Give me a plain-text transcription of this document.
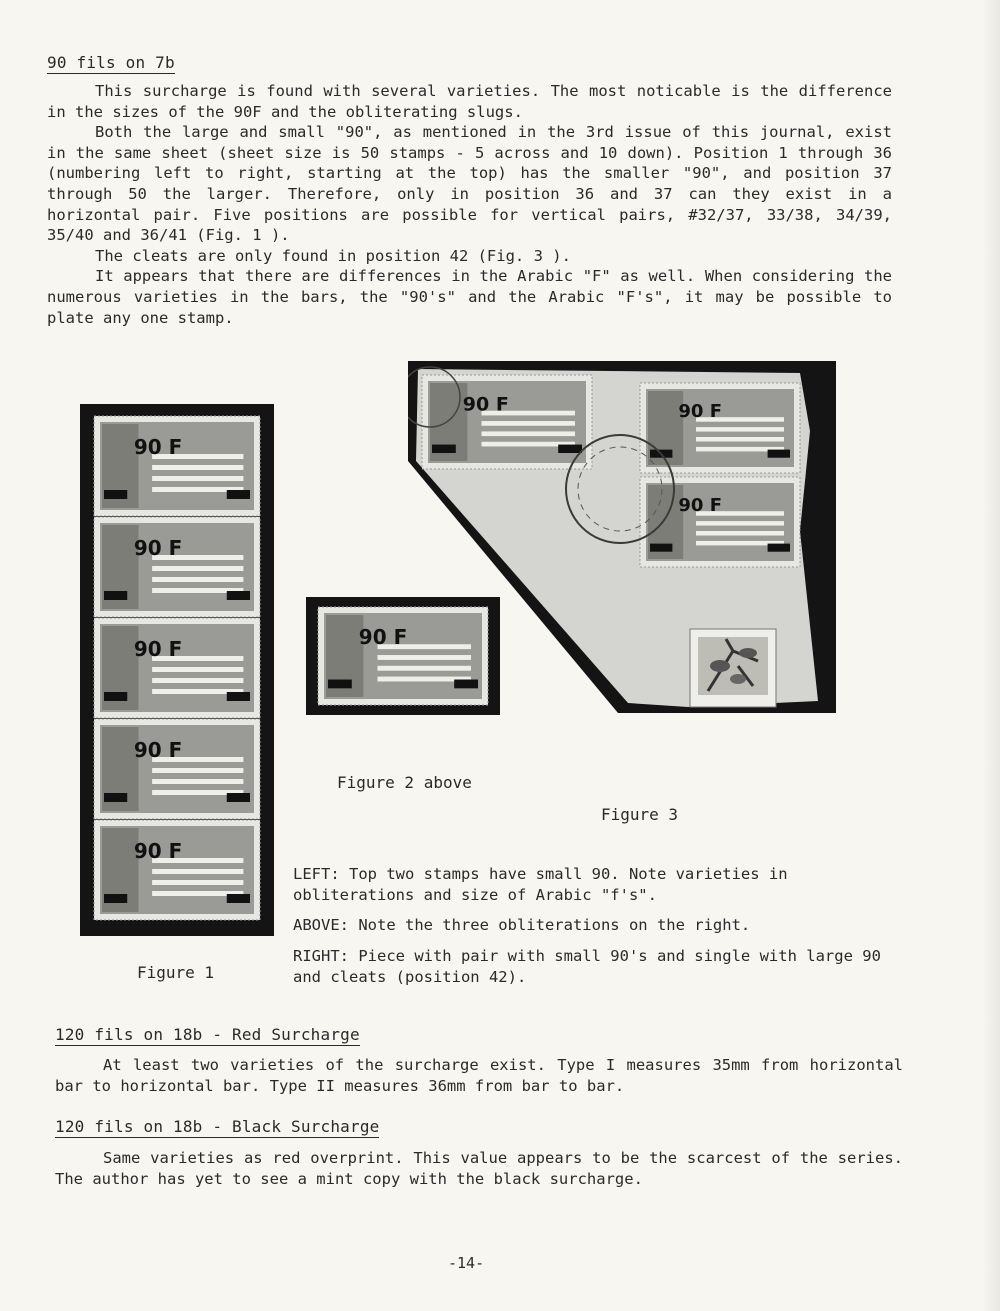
90 fils on 7b

This surcharge is found with several varieties. The most noticable is the difference in the sizes of the 90F and the obliterating slugs.

Both the large and small "90", as mentioned in the 3rd issue of this journal, exist in the same sheet (sheet size is 50 stamps - 5 across and 10 down). Position 1 through 36 (numbering left to right, starting at the top) has the smaller "90", and position 37 through 50 the larger. Therefore, only in position 36 and 37 can they exist in a horizontal pair. Five positions are possible for vertical pairs, #32/37, 33/38, 34/39, 35/40 and 36/41 (Fig. 1 ).

The cleats are only found in position 42 (Fig. 3 ).

It appears that there are differences in the Arabic "F" as well. When considering the numerous varieties in the bars, the "90's" and the Arabic "F's", it may be possible to plate any one stamp.

90 F
90 F
90 F
90 F
90 F
90 F
90 F	90 F
90 F
Figure 1
Figure 2 above
Figure 3
LEFT: Top two stamps have small 90. Note varieties in obliterations and size of Arabic "f's".
ABOVE: Note the three obliterations on the right.
RIGHT: Piece with pair with small 90's and single with large 90 and cleats (position 42).
120 fils on 18b - Red Surcharge

At least two varieties of the surcharge exist. Type I measures 35mm from horizontal bar to horizontal bar. Type II measures 36mm from bar to bar.

120 fils on 18b - Black Surcharge

Same varieties as red overprint. This value appears to be the scarcest of the series. The author has yet to see a mint copy with the black surcharge.

-14-
